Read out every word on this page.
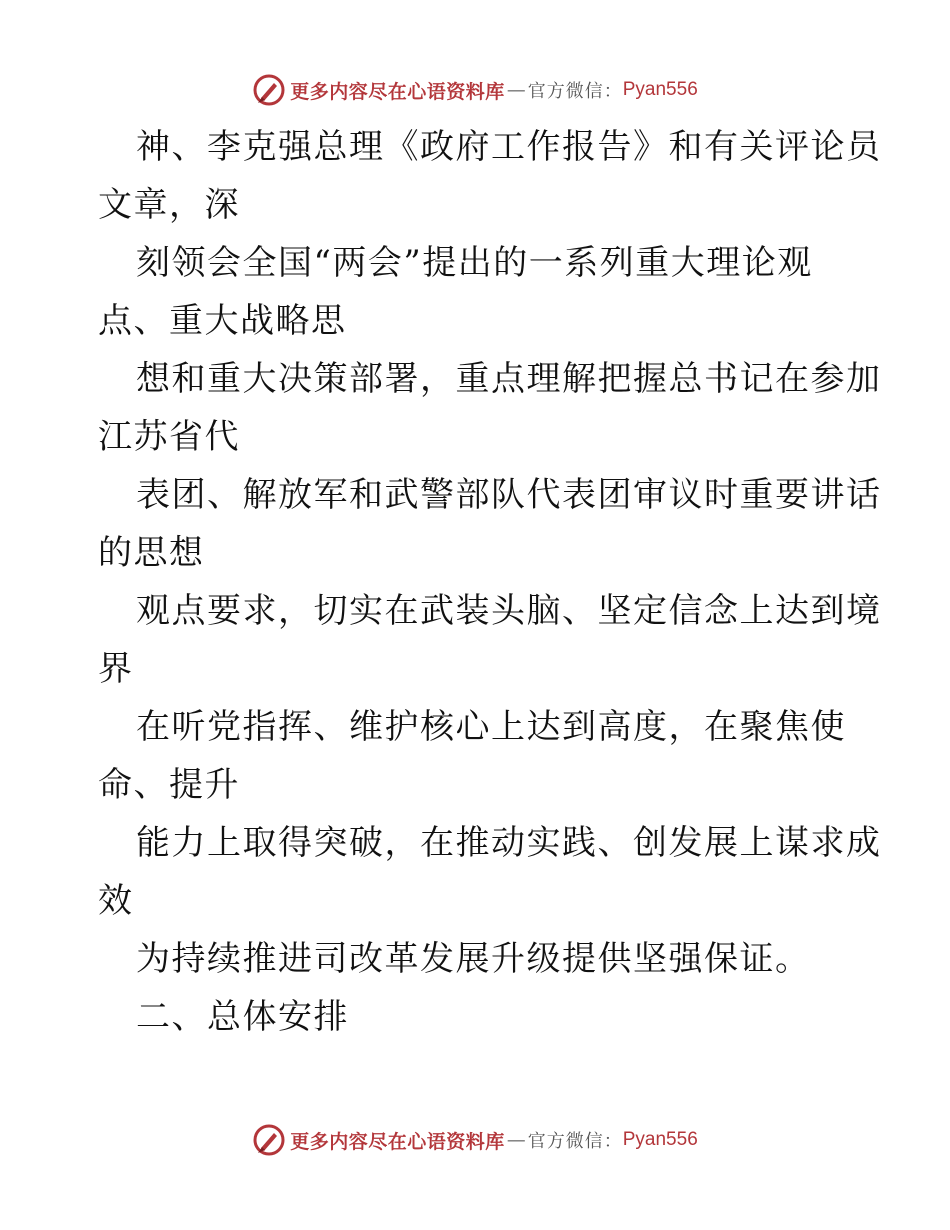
更多内容尽在心语资料库 — 官方微信： Pyan556
神、李克强总理《政府工作报告》和有关评论员
文章，深
刻领会全国“两会”提出的一系列重大理论观
点、重大战略思
想和重大决策部署，重点理解把握总书记在参加
江苏省代
表团、解放军和武警部队代表团审议时重要讲话
的思想
观点要求，切实在武装头脑、坚定信念上达到境
界
在听党指挥、维护核心上达到高度，在聚焦使
命、提升
能力上取得突破，在推动实践、创发展上谋求成
效
为持续推进司改革发展升级提供坚强保证。
二、总体安排
更多内容尽在心语资料库 — 官方微信： Pyan556
